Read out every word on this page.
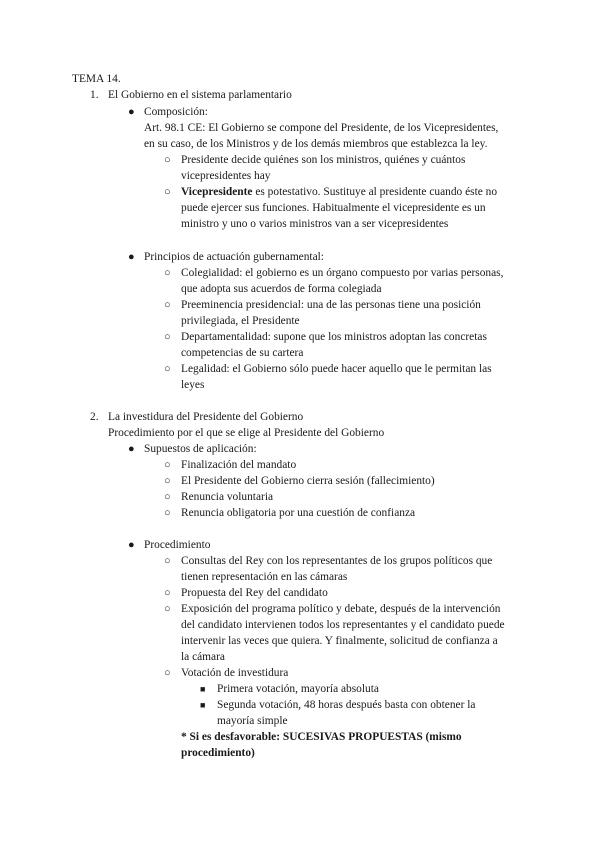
TEMA 14.
1. El Gobierno en el sistema parlamentario
● Composición:
Art. 98.1 CE: El Gobierno se compone del Presidente, de los Vicepresidentes,
en su caso, de los Ministros y de los demás miembros que establezca la ley.
○ Presidente decide quiénes son los ministros, quiénes y cuántos
vicepresidentes hay
○ Vicepresidente es potestativo. Sustituye al presidente cuando éste no
puede ejercer sus funciones. Habitualmente el vicepresidente es un
ministro y uno o varios ministros van a ser vicepresidentes
● Principios de actuación gubernamental:
○ Colegialidad: el gobierno es un órgano compuesto por varias personas,
que adopta sus acuerdos de forma colegiada
○ Preeminencia presidencial: una de las personas tiene una posición
privilegiada, el Presidente
○ Departamentalidad: supone que los ministros adoptan las concretas
competencias de su cartera
○ Legalidad: el Gobierno sólo puede hacer aquello que le permitan las
leyes
2. La investidura del Presidente del Gobierno
Procedimiento por el que se elige al Presidente del Gobierno
● Supuestos de aplicación:
○ Finalización del mandato
○ El Presidente del Gobierno cierra sesión (fallecimiento)
○ Renuncia voluntaria
○ Renuncia obligatoria por una cuestión de confianza
● Procedimiento
○ Consultas del Rey con los representantes de los grupos políticos que
tienen representación en las cámaras
○ Propuesta del Rey del candidato
○ Exposición del programa político y debate, después de la intervención
del candidato intervienen todos los representantes y el candidato puede
intervenir las veces que quiera. Y finalmente, solicitud de confianza a
la cámara
○ Votación de investidura
■ Primera votación, mayoría absoluta
■ Segunda votación, 48 horas después basta con obtener la
mayoría simple
* Si es desfavorable: SUCESIVAS PROPUESTAS (mismo
procedimiento)
